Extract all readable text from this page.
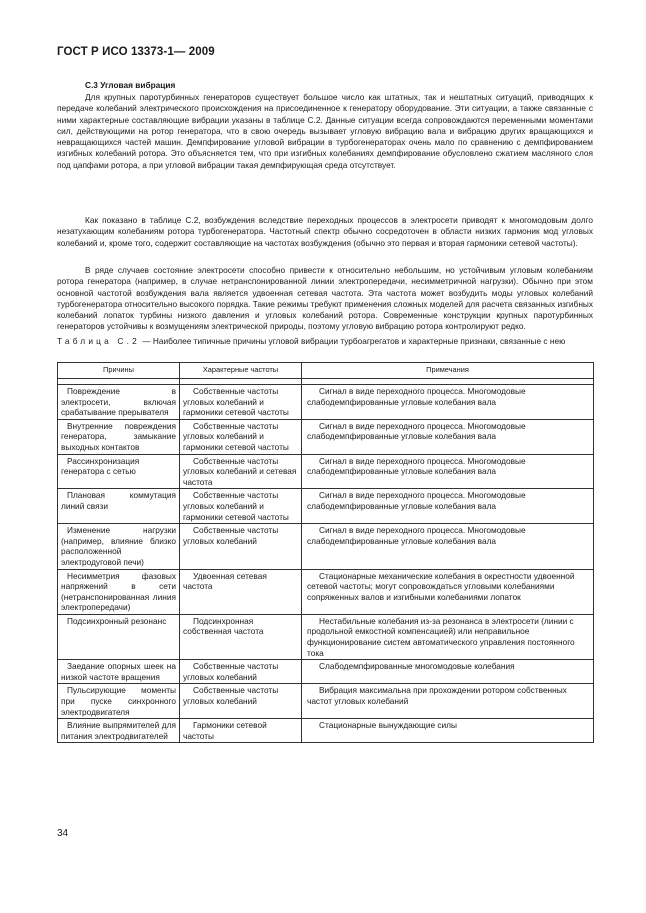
ГОСТ Р ИСО 13373-1— 2009
С.3 Угловая вибрация

Для крупных паротурбинных генераторов существует большое число как штатных, так и нештатных ситуаций, приводящих к передаче колебаний электрического происхождения на присоединенное к генератору оборудование. Эти ситуации, а также связанные с ними характерные составляющие вибрации указаны в таблице С.2. Данные ситуации всегда сопровождаются переменными моментами сил, действующими на ротор генератора, что в свою очередь вызывает угловую вибрацию вала и вибрацию других вращающихся и невращающихся частей машин. Демпфирование угловой вибрации в турбогенераторах очень мало по сравнению с демпфированием изгибных колебаний ротора. Это объясняется тем, что при изгибных колебаниях демпфирование обусловлено сжатием масляного слоя под цапфами ротора, а при угловой вибрации такая демпфирующая среда отсутствует.

Как показано в таблице С.2, возбуждения вследствие переходных процессов в электросети приводят к многомодовым долго незатухающим колебаниям ротора турбогенератора. Частотный спектр обычно сосредоточен в области низких гармоник мод угловых колебаний и, кроме того, содержит составляющие на частотах возбуждения (обычно это первая и вторая гармоники сетевой частоты).

В ряде случаев состояние электросети способно привести к относительно небольшим, но устойчивым угловым колебаниям ротора генератора (например, в случае нетранспонированной линии электропередачи, несимметричной нагрузки). Обычно при этом основной частотой возбуждения вала является удвоенная сетевая частота. Эта частота может возбудить моды угловых колебаний турбогенератора относительно высокого порядка. Такие режимы требуют применения сложных моделей для расчета связанных изгибных колебаний лопаток турбины низкого давления и угловых колебаний ротора. Современные конструкции крупных паротурбинных генераторов устойчивы к возмущениям электрической природы, поэтому угловую вибрацию ротора контролируют редко.

Таблица С.2 — Наиболее типичные причины угловой вибрации турбоагрегатов и характерные признаки, связанные с нею
Причины	Характерные частоты	Примечания

Повреждение в электросети, включая срабатывание прерывателя	Собственные частоты угловых колебаний и гармоники сетевой частоты	Сигнал в виде переходного процесса. Многомодовые слабодемпфированные угловые колебания вала
Внутренние повреждения генератора, замыкание выходных контактов	Собственные частоты угловых колебаний и гармоники сетевой частоты	Сигнал в виде переходного процесса. Многомодовые слабодемпфированные угловые колебания вала
Рассинхронизация генератора с сетью	Собственные частоты угловых колебаний и сетевая частота	Сигнал в виде переходного процесса. Многомодовые слабодемпфированные угловые колебания вала
Плановая коммутация линий связи	Собственные частоты угловых колебаний и гармоники сетевой частоты	Сигнал в виде переходного процесса. Многомодовые слабодемпфированные угловые колебания вала
Изменение нагрузки (например, влияние близко расположенной электродуговой печи)	Собственные частоты угловых колебаний	Сигнал в виде переходного процесса. Многомодовые слабодемпфированные угловые колебания вала
Несимметрия фазовых напряжений в сети (нетранспонированная линия электропередачи)	Удвоенная сетевая частота	Стационарные механические колебания в окрестности удвоенной сетевой частоты; могут сопровождаться угловыми колебаниями сопряженных валов и изгибными колебаниями лопаток
Подсинхронный резонанс	Подсинхронная собственная частота	Нестабильные колебания из-за резонанса в электросети (линии с продольной емкостной компенсацией) или неправильное функционирование систем автоматического управления постоянного тока
Заедание опорных шеек на низкой частоте вращения	Собственные частоты угловых колебаний	Слабодемпфированные многомодовые колебания
Пульсирующие моменты при пуске синхронного электродвигателя	Собственные частоты угловых колебаний	Вибрация максимальна при прохождении ротором собственных частот угловых колебаний
Влияние выпрямителей для питания электродвигателей	Гармоники сетевой частоты	Стационарные вынуждающие силы
34
